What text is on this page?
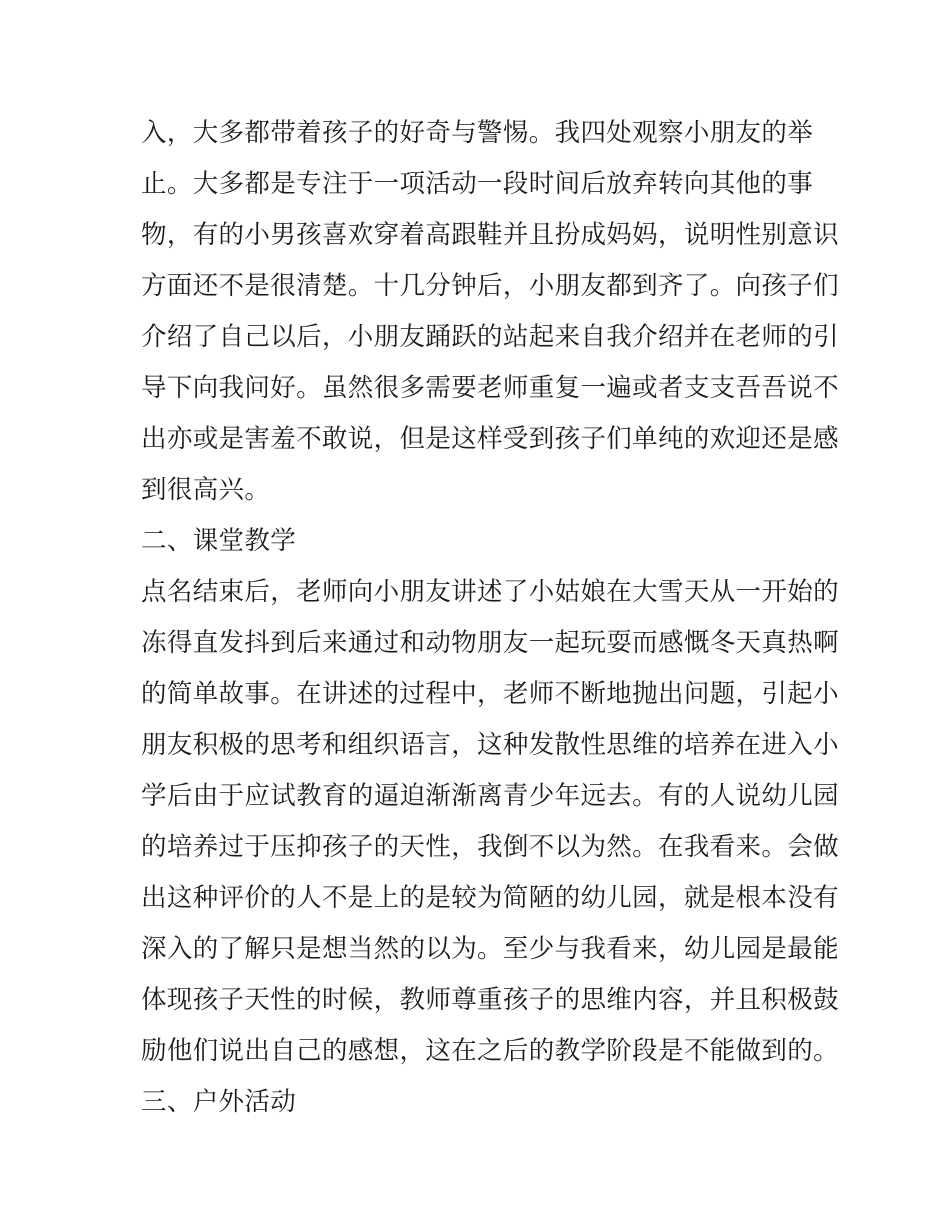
入，大多都带着孩子的好奇与警惕。我四处观察小朋友的举
止。大多都是专注于一项活动一段时间后放弃转向其他的事
物，有的小男孩喜欢穿着高跟鞋并且扮成妈妈，说明性别意识
方面还不是很清楚。十几分钟后，小朋友都到齐了。向孩子们
介绍了自己以后，小朋友踊跃的站起来自我介绍并在老师的引
导下向我问好。虽然很多需要老师重复一遍或者支支吾吾说不
出亦或是害羞不敢说，但是这样受到孩子们单纯的欢迎还是感
到很高兴。
二、课堂教学
点名结束后，老师向小朋友讲述了小姑娘在大雪天从一开始的
冻得直发抖到后来通过和动物朋友一起玩耍而感慨冬天真热啊
的简单故事。在讲述的过程中，老师不断地抛出问题，引起小
朋友积极的思考和组织语言，这种发散性思维的培养在进入小
学后由于应试教育的逼迫渐渐离青少年远去。有的人说幼儿园
的培养过于压抑孩子的天性，我倒不以为然。在我看来。会做
出这种评价的人不是上的是较为简陋的幼儿园，就是根本没有
深入的了解只是想当然的以为。至少与我看来，幼儿园是最能
体现孩子天性的时候，教师尊重孩子的思维内容，并且积极鼓
励他们说出自己的感想，这在之后的教学阶段是不能做到的。
三、户外活动
